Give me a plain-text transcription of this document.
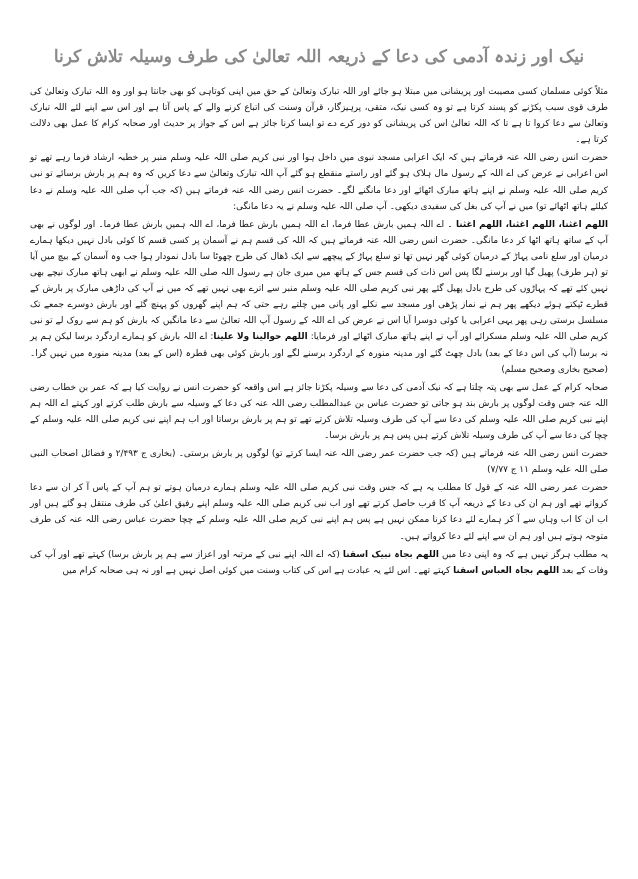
نیک اور زندہ آدمی کی دعا کے ذریعہ اللہ تعالیٰ کی طرف وسیلہ تلاش کرنا

مثلاً کوئی مسلمان کسی مصیبت اور پریشانی میں مبتلا ہو جائے اور اللہ تبارک وتعالیٰ کے حق میں اپنی کوتاہی کو بھی جانتا ہو اور وہ اللہ تبارک وتعالیٰ کی طرف قوی سبب پکڑنے کو پسند کرتا ہے تو وہ کسی نیک، متقی، پرہیزگار، قرآن وسنت کی اتباع کرنے والے کے پاس آتا ہے اور اس سے اپنے لئے اللہ تبارک وتعالیٰ سے دعا کروا تا ہے تا کہ اللہ تعالیٰ اس کی پریشانی کو دور کرے دے تو ایسا کرنا جائز ہے اس کے جواز پر حدیث اور صحابہ کرام کا عمل بھی دلالت کرتا ہے۔

حضرت انس رضی اللہ عنہ فرماتے ہیں کہ ایک اعرابی مسجد نبوی میں داخل ہوا اور نبی کریم صلی اللہ علیہ وسلم منبر پر خطبہ ارشاد فرما رہے تھے تو اس اعرابی نے عرض کی اے اللہ کے رسول مال ہلاک ہو گئے اور راستے منقطع ہو گئے آپ اللہ تبارک وتعالیٰ سے دعا کریں کہ وہ ہم پر بارش برسائے تو نبی کریم صلی اللہ علیہ وسلم نے اپنے ہاتھ مبارک اٹھائے اور دعا مانگنے لگے۔ حضرت انس رضی اللہ عنہ فرماتے ہیں (کہ جب آپ صلی اللہ علیہ وسلم نے دعا کیلئے ہاتھ اٹھائے تو) میں نے آپ کی بغل کی سفیدی دیکھی۔ آپ صلی اللہ علیہ وسلم نے یہ دعا مانگی:

اللھم اغثنا، اللھم اغثنا، اللھم اغثنا ۔ اے اللہ ہمیں بارش عطا فرما، اے اللہ ہمیں بارش عطا فرما، اے اللہ ہمیں بارش عطا فرما۔ اور لوگوں نے بھی آپ کے ساتھ ہاتھ اٹھا کر دعا مانگی۔ حضرت انس رضی اللہ عنہ فرماتے ہیں کہ اللہ کی قسم ہم نے آسمان پر کسی قسم کا کوئی بادل نہیں دیکھا ہمارے درمیان اور سلع نامی پہاڑ کے درمیان کوئی گھر نہیں تھا تو سلع پہاڑ کے پیچھے سے ایک ڈھال کی طرح چھوٹا سا بادل نمودار ہوا جب وہ آسمان کے بیچ میں آیا تو (ہر طرف) پھیل گیا اور برسنے لگا پس اس ذات کی قسم جس کے ہاتھ میں میری جان ہے رسول اللہ صلی اللہ علیہ وسلم نے ابھی ہاتھ مبارک نیچے بھی نہیں کئے تھے کہ پہاڑوں کی طرح بادل پھیل گئے پھر نبی کریم صلی اللہ علیہ وسلم منبر سے اترے بھی نہیں تھے کہ میں نے آپ کی داڑھی مبارک پر بارش کے قطرے ٹپکتے ہوئے دیکھے پھر ہم نے نماز پڑھی اور مسجد سے نکلے اور پانی میں چلتے رہے حتی کہ ہم اپنے گھروں کو پہنچ گئے اور بارش دوسرے جمعے تک مسلسل برستی رہی پھر یہی اعرابی یا کوئی دوسرا آیا اس نے عرض کی اے اللہ کے رسول آپ اللہ تعالیٰ سے دعا مانگیں کہ بارش کو ہم سے روک لے تو نبی کریم صلی اللہ علیہ وسلم مسکرائے اور آپ نے اپنے ہاتھ مبارک اٹھائے اور فرمایا: اللھم حوالینا ولا علینا: اے اللہ بارش کو ہمارے اردگرد برسا لیکن ہم پر نہ برسا (آپ کی اس دعا کے بعد) بادل چھٹ گئے اور مدینہ منورہ کے اردگرد برسنے لگے اور بارش کوئی بھی قطرہ (اس کے بعد) مدینہ منورہ میں نہیں گرا۔ (صحیح بخاری وصحیح مسلم)

صحابہ کرام کے عمل سے بھی پتہ چلتا ہے کہ نیک آدمی کی دعا سے وسیلہ پکڑنا جائز ہے اس واقعہ کو حضرت انس نے روایت کیا ہے کہ عمر بن خطاب رضی اللہ عنہ جس وقت لوگوں پر بارش بند ہو جاتی تو حضرت عباس بن عبدالمطلب رضی اللہ عنہ کی دعا کے وسیلہ سے بارش طلب کرتے اور کہتے اے اللہ ہم اپنے نبی کریم صلی اللہ علیہ وسلم کی دعا سے آپ کی طرف وسیلہ تلاش کرتے تھے تو ہم پر بارش برساتا اور اب ہم اپنے نبی کریم صلی اللہ علیہ وسلم کے چچا کی دعا سے آپ کی طرف وسیلہ تلاش کرتے ہیں پس ہم پر بارش برسا۔

حضرت انس رضی اللہ عنہ فرماتے ہیں (کہ جب حضرت عمر رضی اللہ عنہ ایسا کرتے تو) لوگوں پر بارش برستی۔ (بخاری ج ۲/۴۹۳ و فضائل اصحاب النبی صلی اللہ علیہ وسلم ۱۱ ج ۷/۷۷)

حضرت عمر رضی اللہ عنہ کے قول کا مطلب یہ ہے کہ جس وقت نبی کریم صلی اللہ علیہ وسلم ہمارے درمیان ہوتے تو ہم آپ کے پاس آ کر ان سے دعا کرواتے تھے اور ہم ان کی دعا کے ذریعہ آپ کا قرب حاصل کرتے تھے اور اب نبی کریم صلی اللہ علیہ وسلم اپنے رفیق اعلیٰ کی طرف منتقل ہو گئے ہیں اور اب ان کا اب وہاں سے آ کر ہمارے لئے دعا کرنا ممکن نہیں ہے پس ہم اپنے نبی کریم صلی اللہ علیہ وسلم کے چچا حضرت عباس رضی اللہ عنہ کی طرف متوجہ ہوتے ہیں اور ہم ان سے اپنے لئے دعا کرواتے ہیں۔

یہ مطلب ہرگز نہیں ہے کہ وہ اپنی دعا میں اللھم بجاہ نبیک اسقنا (کہ اے اللہ اپنے نبی کے مرتبہ اور اعزاز سے ہم پر بارش برسا) کہتے تھے اور آپ کی وفات کے بعد اللھم بجاہ العباس اسقنا کہتے تھے۔ اس لئے یہ عبادت ہے اس کی کتاب وسنت میں کوئی اصل نہیں ہے اور نہ ہی صحابہ کرام میں
